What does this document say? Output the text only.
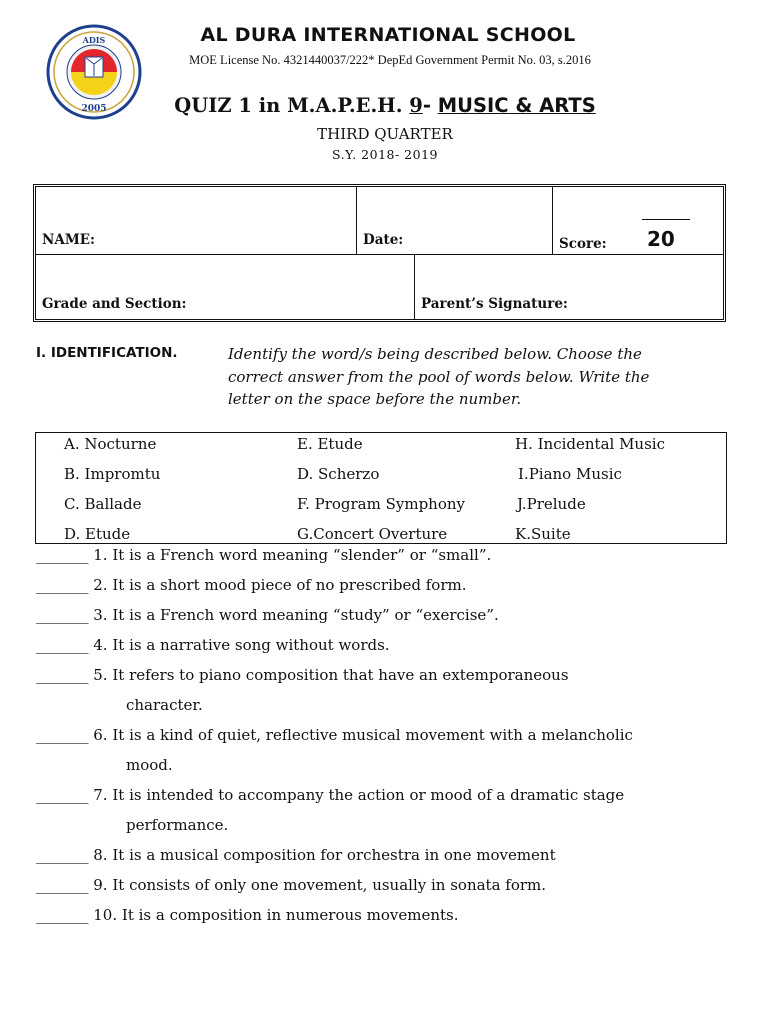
ADIS
2005
AL DURA INTERNATIONAL SCHOOL
MOE License No. 4321440037/222* DepEd Government Permit No. 03, s.2016
QUIZ 1 in M.A.P.E.H. 9- MUSIC & ARTS
THIRD QUARTER
S.Y. 2018- 2019
NAME:	Date:	Score: 20
Grade and Section:	Parent’s Signature:
I. IDENTIFICATION.	Identify the word/s being described below. Choose the
correct answer from the pool of words below. Write the
letter on the space before the number.
A. Nocturne	E. Etude	H. Incidental Music
B. Impromtu	D. Scherzo	I.Piano Music
C. Ballade	F. Program Symphony	J.Prelude
D. Etude	G.Concert Overture	K.Suite
_______ 1. It is a French word meaning “slender” or “small”.
_______ 2. It is a short mood piece of no prescribed form.
_______ 3. It is a French word meaning “study” or “exercise”.
_______ 4. It is a narrative song without words.
_______ 5. It refers to piano composition that have an extemporaneous
character.
_______ 6. It is a kind of quiet, reflective musical movement with a melancholic
mood.
_______ 7. It is intended to accompany the action or mood of a dramatic stage
performance.
_______ 8. It is a musical composition for orchestra in one movement
_______ 9. It consists of only one movement, usually in sonata form.
_______ 10. It is a composition in numerous movements.
